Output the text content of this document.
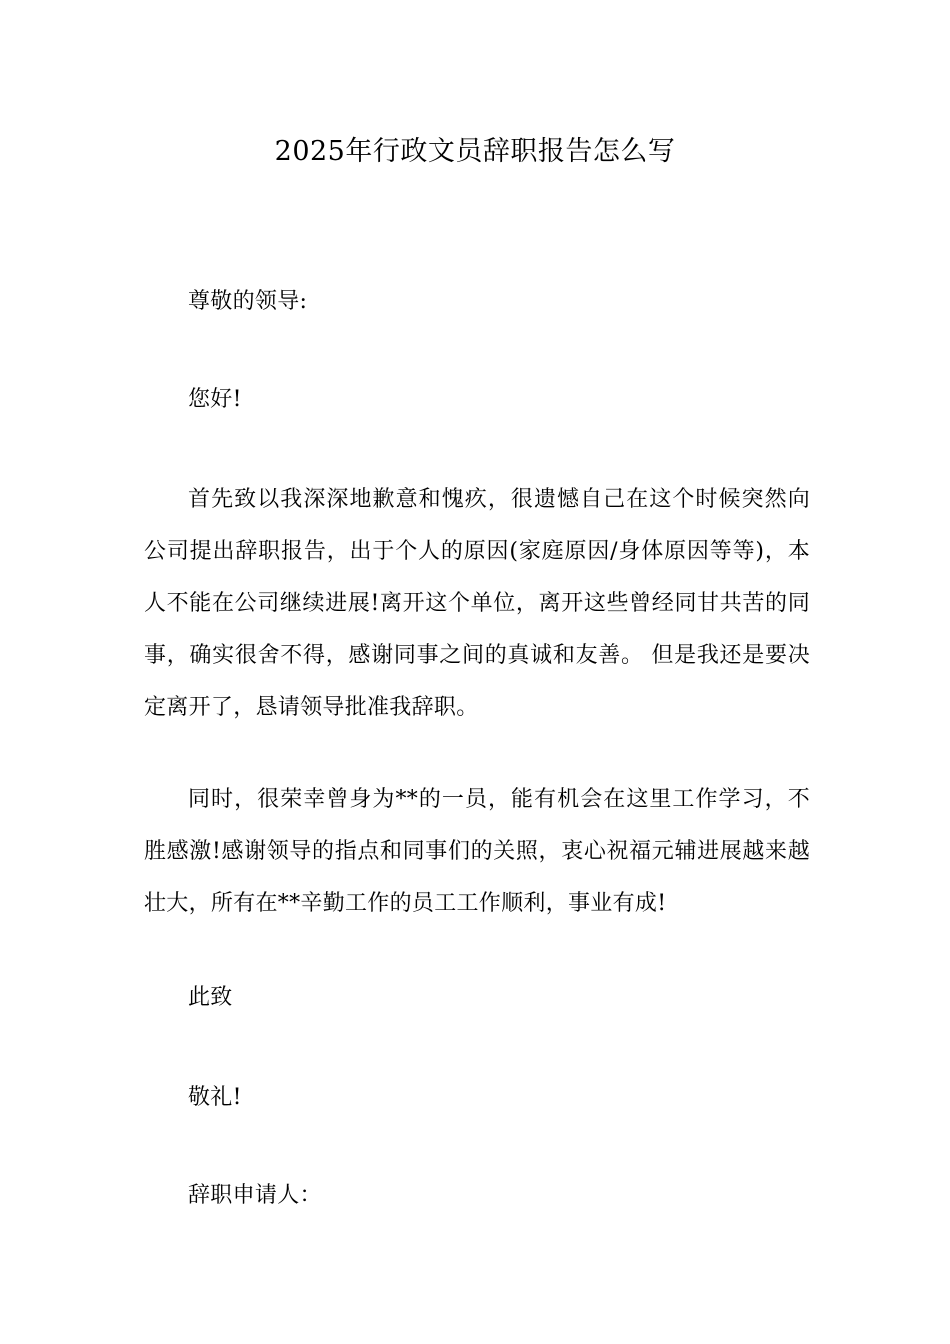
2025年行政文员辞职报告怎么写

尊敬的领导:

您好!

首先致以我深深地歉意和愧疚，很遗憾自己在这个时候突然向公司提出辞职报告，出于个人的原因(家庭原因/身体原因等等)，本人不能在公司继续进展!离开这个单位，离开这些曾经同甘共苦的同事，确实很舍不得，感谢同事之间的真诚和友善。 但是我还是要决定离开了，恳请领导批准我辞职。

同时，很荣幸曾身为**的一员，能有机会在这里工作学习，不胜感激!感谢领导的指点和同事们的关照，衷心祝福元辅进展越来越壮大，所有在**辛勤工作的员工工作顺利，事业有成!

此致

敬礼!

辞职申请人：
